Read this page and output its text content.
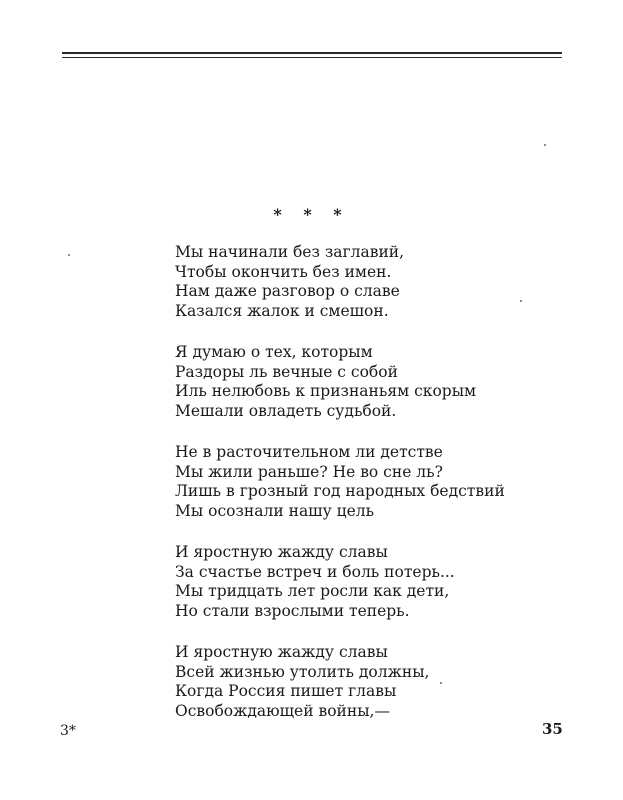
* * *
Мы начинали без заглавий,
Чтобы окончить без имен.
Нам даже разговор о славе
Казался жалок и смешон.
Я думаю о тех, которым
Раздоры ль вечные с собой
Иль нелюбовь к признаньям скорым
Мешали овладеть судьбой.
Не в расточительном ли детстве
Мы жили раньше? Не во сне ль?
Лишь в грозный год народных бедствий
Мы осознали нашу цель
И яростную жажду славы
За счастье встреч и боль потерь...
Мы тридцать лет росли как дети,
Но стали взрослыми теперь.
И яростную жажду славы
Всей жизнью утолить должны,
Когда Россия пишет главы
Освобождающей войны,—
3*	35
